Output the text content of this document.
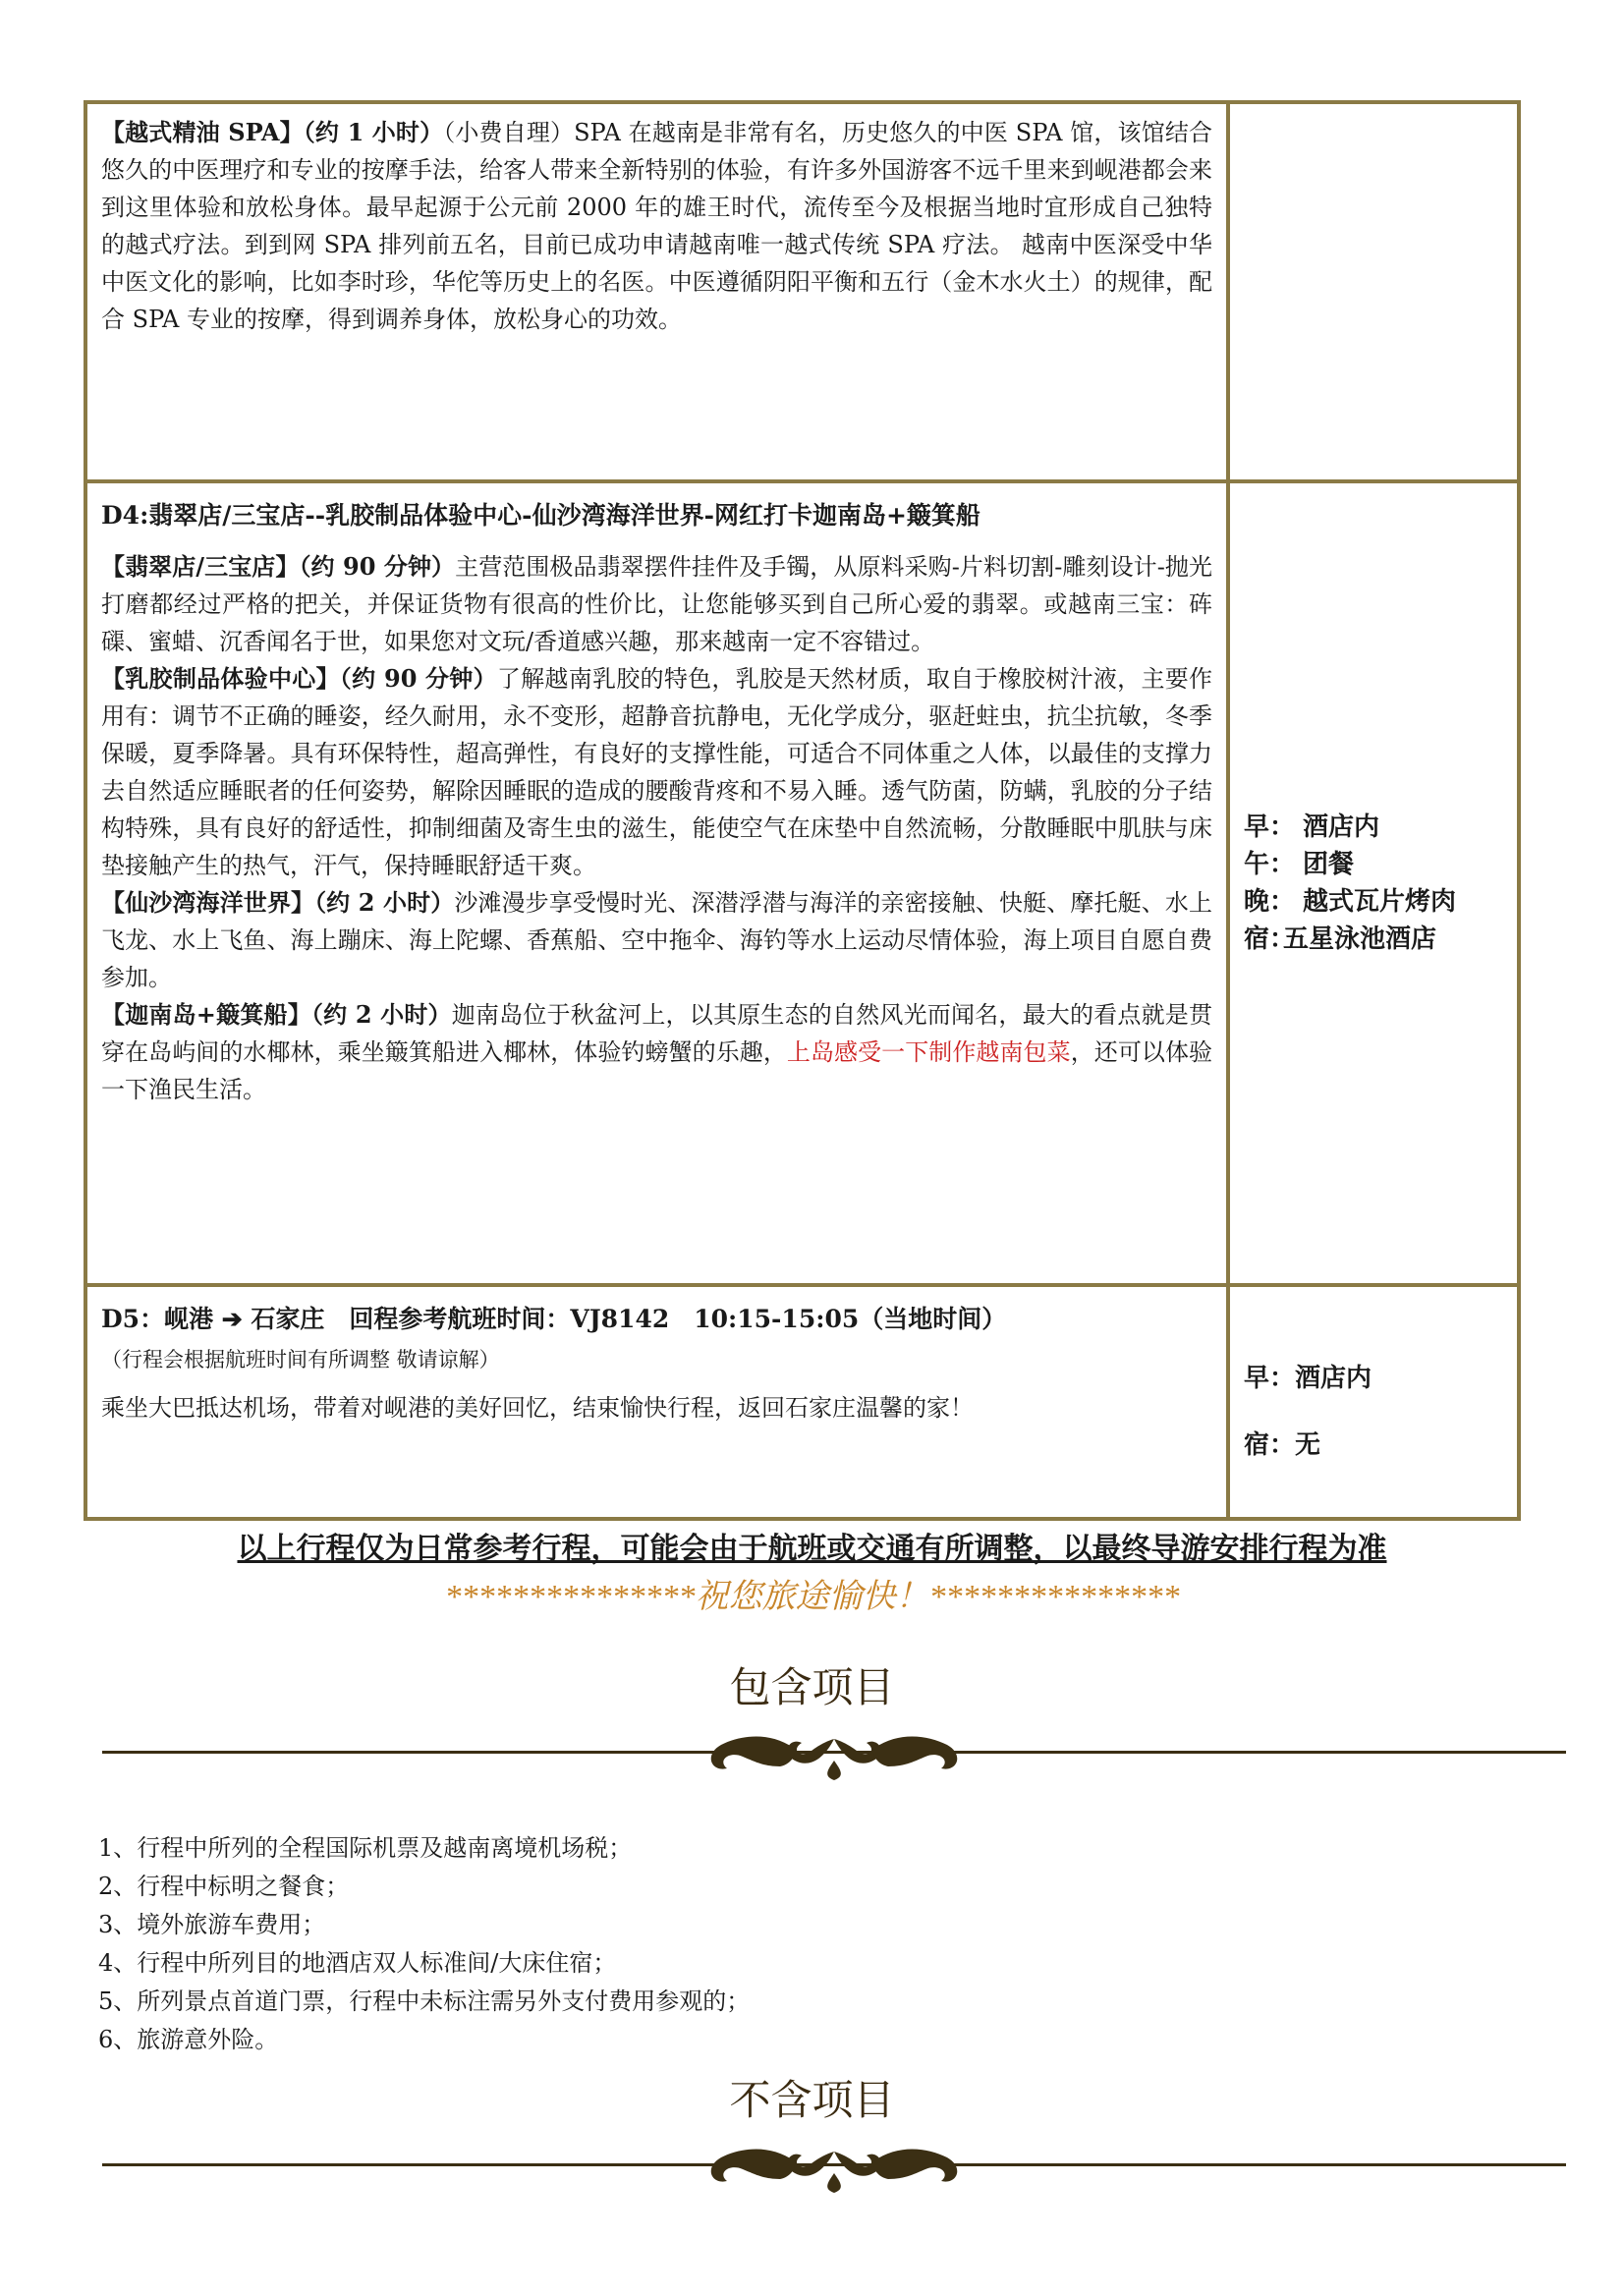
【越式精油 SPA】（约 1 小时）（小费自理）SPA 在越南是非常有名，历史悠久的中医 SPA 馆，该馆结合悠久的中医理疗和专业的按摩手法，给客人带来全新特别的体验，有许多外国游客不远千里来到岘港都会来到这里体验和放松身体。最早起源于公元前 2000 年的雄王时代，流传至今及根据当地时宜形成自己独特的越式疗法。到到网 SPA 排列前五名，目前已成功申请越南唯一越式传统 SPA 疗法。 越南中医深受中华中医文化的影响，比如李时珍，华佗等历史上的名医。中医遵循阴阳平衡和五行（金木水火土）的规律，配合 SPA 专业的按摩，得到调养身体，放松身心的功效。

D4:翡翠店/三宝店--乳胶制品体验中心-仙沙湾海洋世界-网红打卡迦南岛+簸箕船

【翡翠店/三宝店】（约 90 分钟）主营范围极品翡翠摆件挂件及手镯，从原料采购-片料切割-雕刻设计-抛光打磨都经过严格的把关，并保证货物有很高的性价比，让您能够买到自己所心爱的翡翠。或越南三宝：砗磲、蜜蜡、沉香闻名于世，如果您对文玩/香道感兴趣，那来越南一定不容错过。

【乳胶制品体验中心】（约 90 分钟）了解越南乳胶的特色，乳胶是天然材质，取自于橡胶树汁液，主要作用有：调节不正确的睡姿，经久耐用，永不变形，超静音抗静电，无化学成分，驱赶蛀虫，抗尘抗敏，冬季保暖，夏季降暑。具有环保特性，超高弹性，有良好的支撑性能，可适合不同体重之人体，以最佳的支撑力去自然适应睡眠者的任何姿势，解除因睡眠的造成的腰酸背疼和不易入睡。透气防菌，防螨，乳胶的分子结构特殊，具有良好的舒适性，抑制细菌及寄生虫的滋生，能使空气在床垫中自然流畅，分散睡眠中肌肤与床垫接触产生的热气，汗气，保持睡眠舒适干爽。

【仙沙湾海洋世界】（约 2 小时）沙滩漫步享受慢时光、深潜浮潜与海洋的亲密接触、快艇、摩托艇、水上飞龙、水上飞鱼、海上蹦床、海上陀螺、香蕉船、空中拖伞、海钓等水上运动尽情体验，海上项目自愿自费参加。

【迦南岛+簸箕船】（约 2 小时）迦南岛位于秋盆河上，以其原生态的自然风光而闻名，最大的看点就是贯穿在岛屿间的水椰林，乘坐簸箕船进入椰林，体验钓螃蟹的乐趣，上岛感受一下制作越南包菜，还可以体验一下渔民生活。

早： 酒店内
午： 团餐
晚： 越式瓦片烤肉
宿：五星泳池酒店
D5：岘港 ➔ 石家庄　回程参考航班时间：VJ8142　10:15-15:05（当地时间）
（行程会根据航班时间有所调整 敬请谅解）

乘坐大巴抵达机场，带着对岘港的美好回忆，结束愉快行程，返回石家庄温馨的家！

早：酒店内
宿：无
以上行程仅为日常参考行程，可能会由于航班或交通有所调整，以最终导游安排行程为准
***************祝您旅途愉快！***************
包含项目
1、行程中所列的全程国际机票及越南离境机场税；
2、行程中标明之餐食；
3、境外旅游车费用；
4、行程中所列目的地酒店双人标准间/大床住宿；
5、所列景点首道门票，行程中未标注需另外支付费用参观的；
6、旅游意外险。
不含项目
